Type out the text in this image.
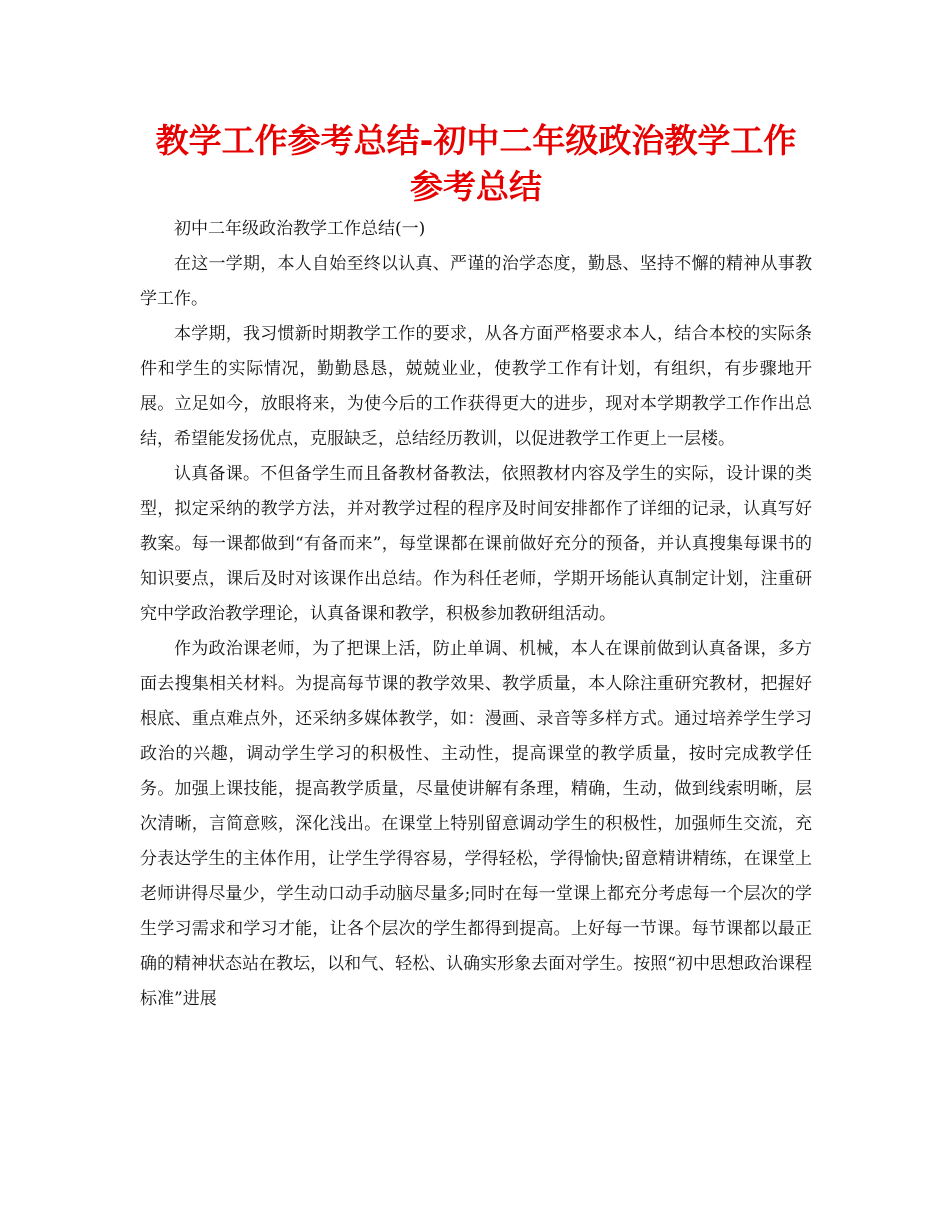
教学工作参考总结-初中二年级政治教学工作参考总结

初中二年级政治教学工作总结(一)

在这一学期，本人自始至终以认真、严谨的治学态度，勤恳、坚持不懈的精神从事教学工作。

本学期，我习惯新时期教学工作的要求，从各方面严格要求本人，结合本校的实际条件和学生的实际情况，勤勤恳恳，兢兢业业，使教学工作有计划，有组织，有步骤地开展。立足如今，放眼将来，为使今后的工作获得更大的进步，现对本学期教学工作作出总结，希望能发扬优点，克服缺乏，总结经历教训，以促进教学工作更上一层楼。

认真备课。不但备学生而且备教材备教法，依照教材内容及学生的实际，设计课的类型，拟定采纳的教学方法，并对教学过程的程序及时间安排都作了详细的记录，认真写好教案。每一课都做到“有备而来”，每堂课都在课前做好充分的预备，并认真搜集每课书的知识要点，课后及时对该课作出总结。作为科任老师，学期开场能认真制定计划，注重研究中学政治教学理论，认真备课和教学，积极参加教研组活动。

作为政治课老师，为了把课上活，防止单调、机械，本人在课前做到认真备课，多方面去搜集相关材料。为提高每节课的教学效果、教学质量，本人除注重研究教材，把握好根底、重点难点外，还采纳多媒体教学，如：漫画、录音等多样方式。通过培养学生学习政治的兴趣，调动学生学习的积极性、主动性，提高课堂的教学质量，按时完成教学任务。加强上课技能，提高教学质量，尽量使讲解有条理，精确，生动，做到线索明晰，层次清晰，言简意赅，深化浅出。在课堂上特别留意调动学生的积极性，加强师生交流，充分表达学生的主体作用，让学生学得容易，学得轻松，学得愉快;留意精讲精练，在课堂上老师讲得尽量少，学生动口动手动脑尽量多;同时在每一堂课上都充分考虑每一个层次的学生学习需求和学习才能，让各个层次的学生都得到提高。上好每一节课。每节课都以最正确的精神状态站在教坛，以和气、轻松、认确实形象去面对学生。按照“初中思想政治课程标准”进展
